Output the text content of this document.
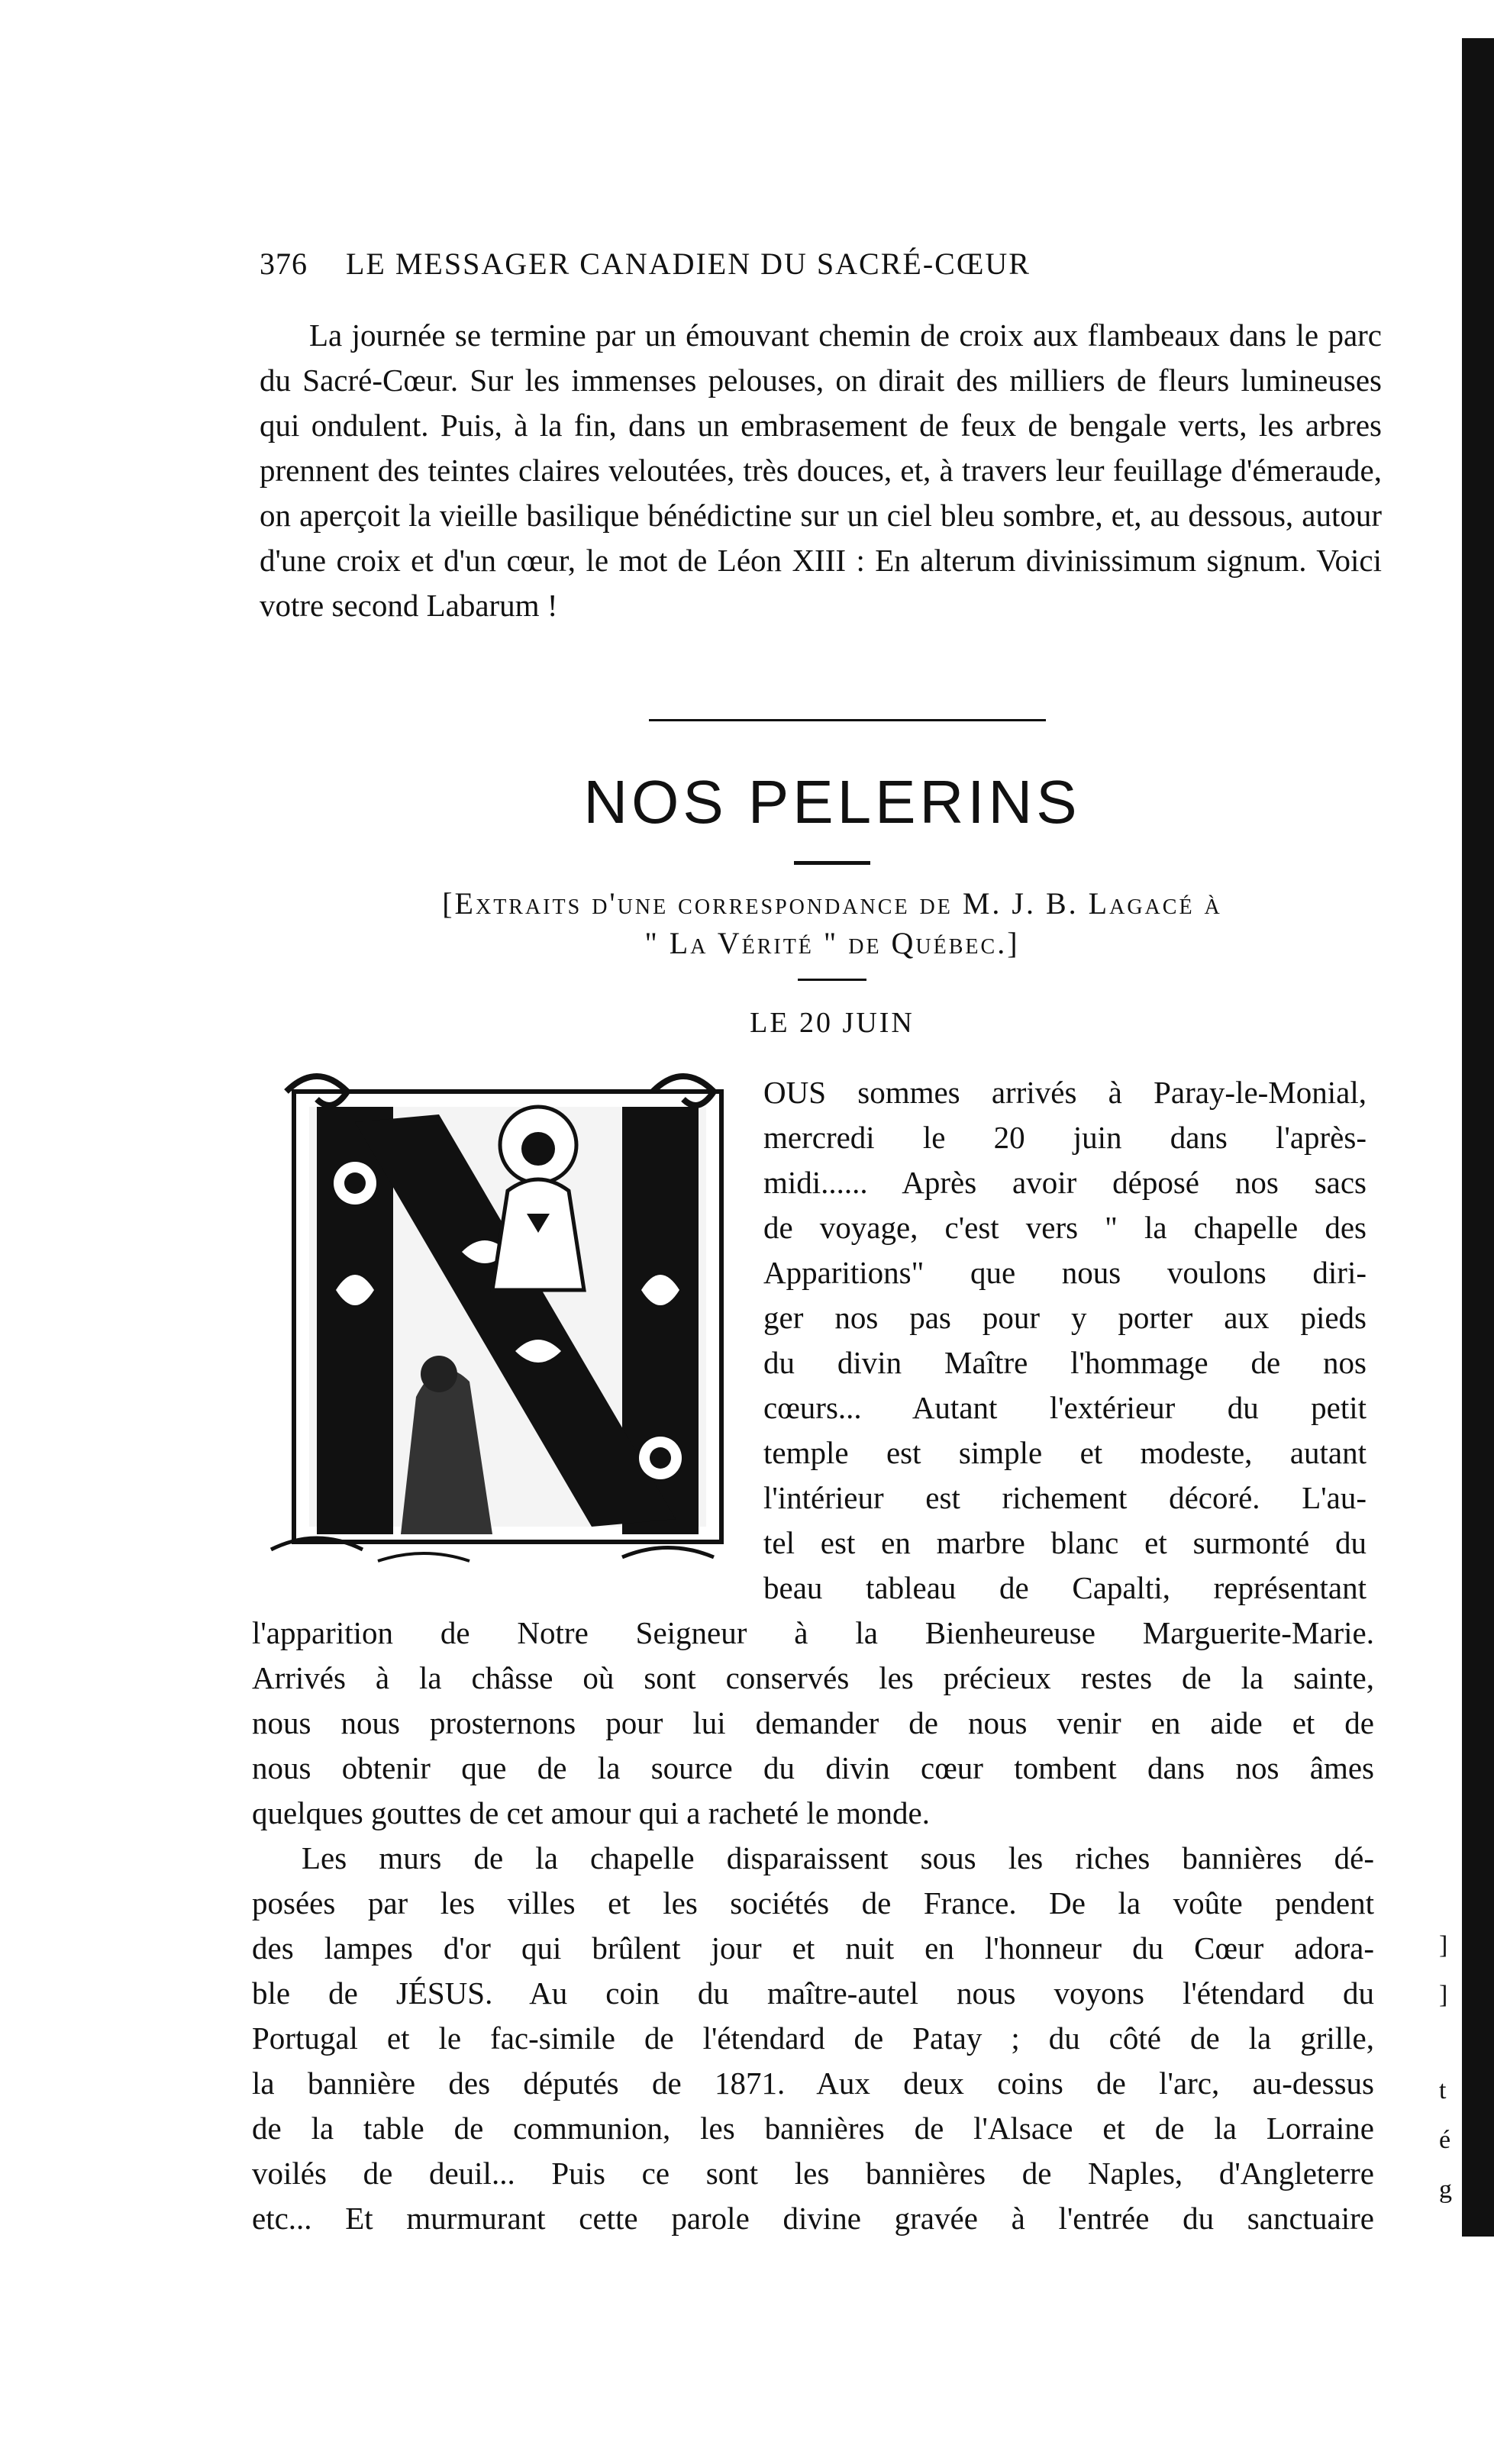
376 LE MESSAGER CANADIEN DU SACRÉ-CŒUR
La journée se termine par un émouvant chemin de croix aux flambeaux dans le parc du Sacré-Cœur. Sur les immenses pelouses, on dirait des milliers de fleurs lumineuses qui ondulent. Puis, à la fin, dans un embrasement de feux de bengale verts, les arbres prennent des teintes claires veloutées, très douces, et, à travers leur feuillage d'émeraude, on aperçoit la vieille basilique bénédictine sur un ciel bleu sombre, et, au dessous, autour d'une croix et d'un cœur, le mot de Léon XIII : En alterum divinissimum signum. Voici votre second Labarum !
NOS PELERINS
[Extraits d'une correspondance de M. J. B. Lagacé à
" La Vérité " de Québec.]
LE 20 JUIN
OUS sommes arrivés à Paray-le-Monial,
mercredi le 20 juin dans l'après-
midi...... Après avoir déposé nos sacs
de voyage, c'est vers " la chapelle des
Apparitions" que nous voulons diri-
ger nos pas pour y porter aux pieds
du divin Maître l'hommage de nos
cœurs... Autant l'extérieur du petit
temple est simple et modeste, autant
l'intérieur est richement décoré. L'au-
tel est en marbre blanc et surmonté du
beau tableau de Capalti, représentant
l'apparition de Notre Seigneur à la Bienheureuse Marguerite-Marie.
Arrivés à la châsse où sont conservés les précieux restes de la sainte,
nous nous prosternons pour lui demander de nous venir en aide et de
nous obtenir que de la source du divin cœur tombent dans nos âmes
quelques gouttes de cet amour qui a racheté le monde.
Les murs de la chapelle disparaissent sous les riches bannières dé-
posées par les villes et les sociétés de France. De la voûte pendent
des lampes d'or qui brûlent jour et nuit en l'honneur du Cœur adora-
ble de JÉSUS. Au coin du maître-autel nous voyons l'étendard du
Portugal et le fac-simile de l'étendard de Patay ; du côté de la grille,
la bannière des députés de 1871. Aux deux coins de l'arc, au-dessus
de la table de communion, les bannières de l'Alsace et de la Lorraine
voilés de deuil... Puis ce sont les bannières de Naples, d'Angleterre
etc... Et murmurant cette parole divine gravée à l'entrée du sanctuaire
]
]
t
é
g
